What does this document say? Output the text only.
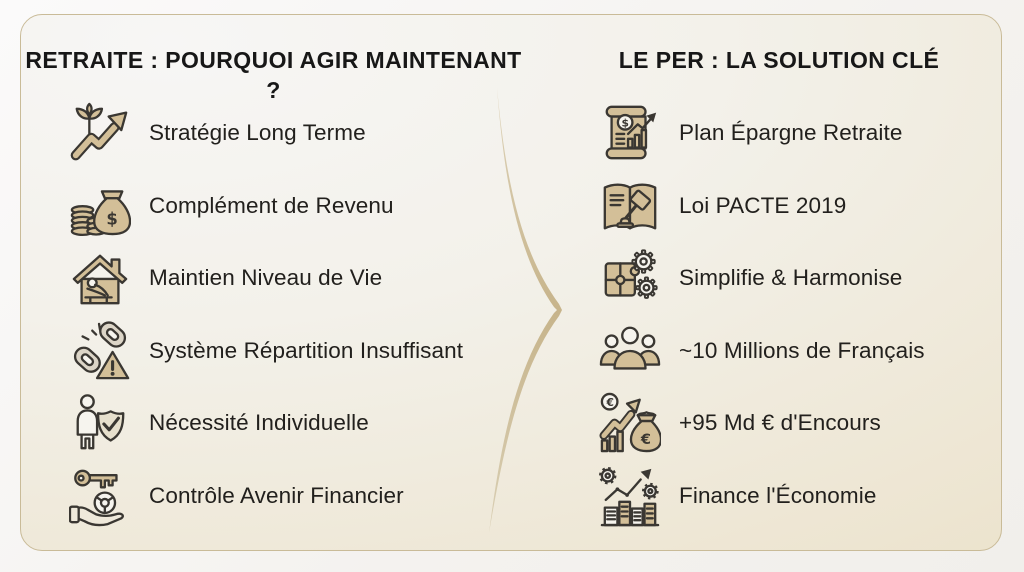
RETRAITE : POURQUOI AGIR MAINTENANT ?
Stratégie Long Terme
$
Complément de Revenu
Maintien Niveau de Vie
Système Répartition Insuffisant
Nécessité Individuelle
Contrôle Avenir Financier
LE PER : LA SOLUTION CLÉ
$ Plan Épargne Retraite
Loi PACTE 2019
Simplifie & Harmonise
~10 Millions de Français
€
€
+95 Md € d'Encours
Finance l'Économie
